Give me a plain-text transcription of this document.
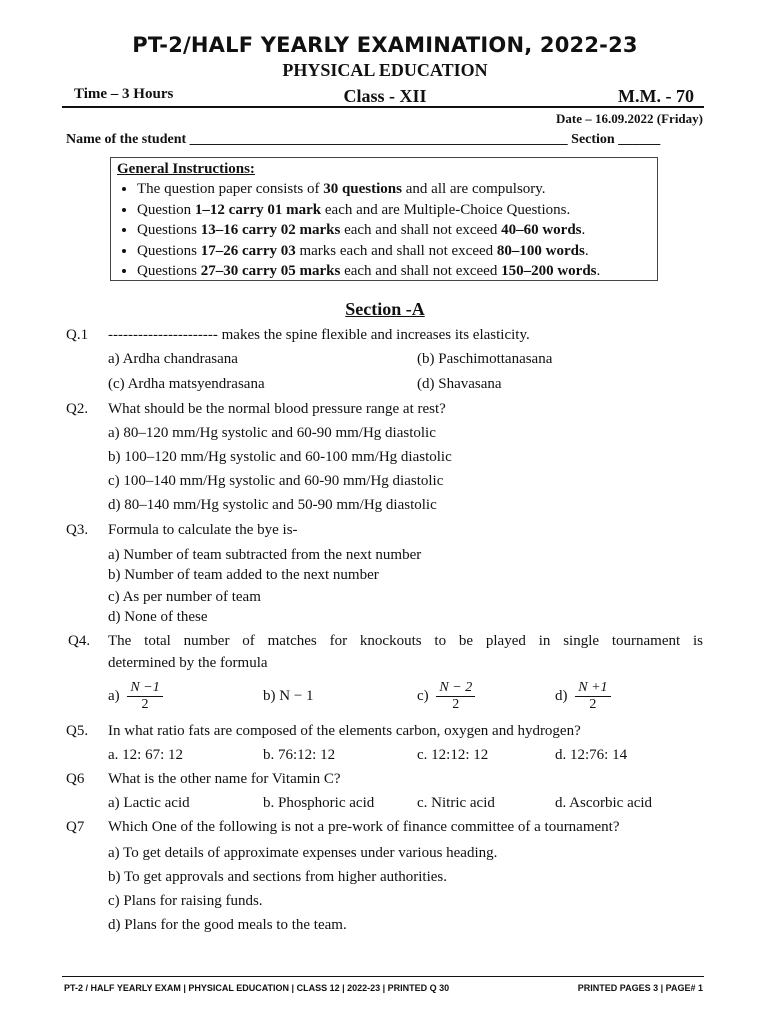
PT-2/HALF YEARLY EXAMINATION, 2022-23
PHYSICAL EDUCATION
Time – 3 Hours	Class - XII	M.M. - 70
Date – 16.09.2022 (Friday)
Name of the student ______________________________________________________ Section ______
General Instructions:
• The question paper consists of 30 questions and all are compulsory.
• Question 1–12 carry 01 mark each and are Multiple-Choice Questions.
• Questions 13–16 carry 02 marks each and shall not exceed 40–60 words.
• Questions 17–26 carry 03 marks each and shall not exceed 80–100 words.
• Questions 27–30 carry 05 marks each and shall not exceed 150–200 words.
Section -A
Q.1 ---------------------- makes the spine flexible and increases its elasticity.
a) Ardha chandrasana	(b) Paschimottanasana
(c) Ardha matsyendrasana	(d) Shavasana
Q2. What should be the normal blood pressure range at rest?
a) 80–120 mm/Hg systolic and 60-90 mm/Hg diastolic
b) 100–120 mm/Hg systolic and 60-100 mm/Hg diastolic
c) 100–140 mm/Hg systolic and 60-90 mm/Hg diastolic
d) 80–140 mm/Hg systolic and 50-90 mm/Hg diastolic
Q3. Formula to calculate the bye is-
a) Number of team subtracted from the next number
b) Number of team added to the next number
c) As per number of team
d) None of these
Q4. The total number of matches for knockouts to be played in single tournament is
determined by the formula
$a) \frac{N -1}{2}$	b) N − 1	$c) \frac{N - 2}{2}$	$d) \frac{N +1}{2}$
Q5. In what ratio fats are composed of the elements carbon, oxygen and hydrogen?
a. 12: 67: 12	b. 76:12: 12	c. 12:12: 12	d. 12:76: 14
Q6 What is the other name for Vitamin C?
a) Lactic acid	b. Phosphoric acid	c. Nitric acid	d. Ascorbic acid
Q7 Which One of the following is not a pre-work of finance committee of a tournament?
a) To get details of approximate expenses under various heading.
b) To get approvals and sections from higher authorities.
c) Plans for raising funds.
d) Plans for the good meals to the team.
PT-2 / HALF YEARLY EXAM | PHYSICAL EDUCATION | CLASS 12 | 2022-23 | PRINTED Q 30	PRINTED PAGES 3 | PAGE# 1
